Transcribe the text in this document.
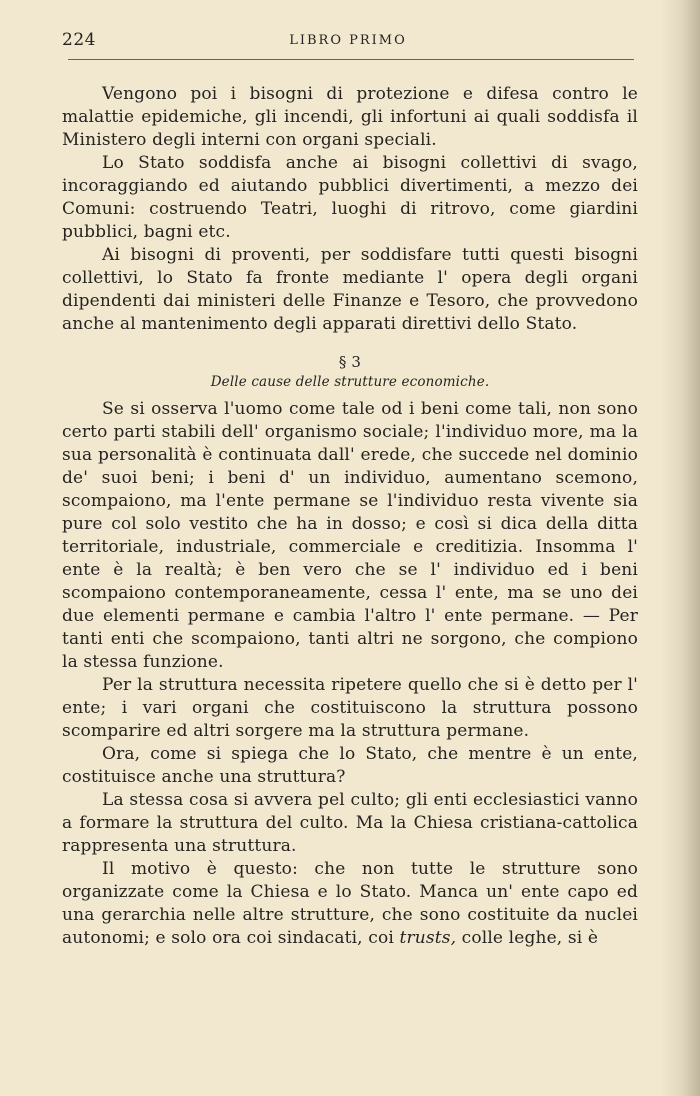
224	LIBRO PRIMO

Vengono poi i bisogni di protezione e difesa contro le malattie epidemiche, gli incendi, gli infortuni ai quali soddisfa il Ministero degli interni con organi speciali.

Lo Stato soddisfa anche ai bisogni collettivi di svago, incoraggiando ed aiutando pubblici divertimenti, a mezzo dei Comuni: costruendo Teatri, luoghi di ritrovo, come giardini pubblici, bagni etc.

Ai bisogni di proventi, per soddisfare tutti questi bisogni collettivi, lo Stato fa fronte mediante l' opera degli organi dipendenti dai ministeri delle Finanze e Tesoro, che provvedono anche al mantenimento degli apparati direttivi dello Stato.

§ 3
Delle cause delle strutture economiche.

Se si osserva l'uomo come tale od i beni come tali, non sono certo parti stabili dell' organismo sociale; l'individuo more, ma la sua personalità è continuata dall' erede, che succede nel dominio de' suoi beni; i beni d' un individuo, aumentano scemono, scompaiono, ma l'ente permane se l'individuo resta vivente sia pure col solo vestito che ha in dosso; e così si dica della ditta territoriale, industriale, commerciale e creditizia. Insomma l' ente è la realtà; è ben vero che se l' individuo ed i beni scompaiono contemporaneamente, cessa l' ente, ma se uno dei due elementi permane e cambia l'altro l' ente permane. — Per tanti enti che scompaiono, tanti altri ne sorgono, che compiono la stessa funzione.

Per la struttura necessita ripetere quello che si è detto per l' ente; i vari organi che costituiscono la struttura possono scomparire ed altri sorgere ma la struttura permane.

Ora, come si spiega che lo Stato, che mentre è un ente, costituisce anche una struttura?

La stessa cosa si avvera pel culto; gli enti ecclesiastici vanno a formare la struttura del culto. Ma la Chiesa cristiana-cattolica rappresenta una struttura.

Il motivo è questo: che non tutte le strutture sono organizzate come la Chiesa e lo Stato. Manca un' ente capo ed una gerarchia nelle altre strutture, che sono costituite da nuclei autonomi; e solo ora coi sindacati, coi trusts, colle leghe, si è
